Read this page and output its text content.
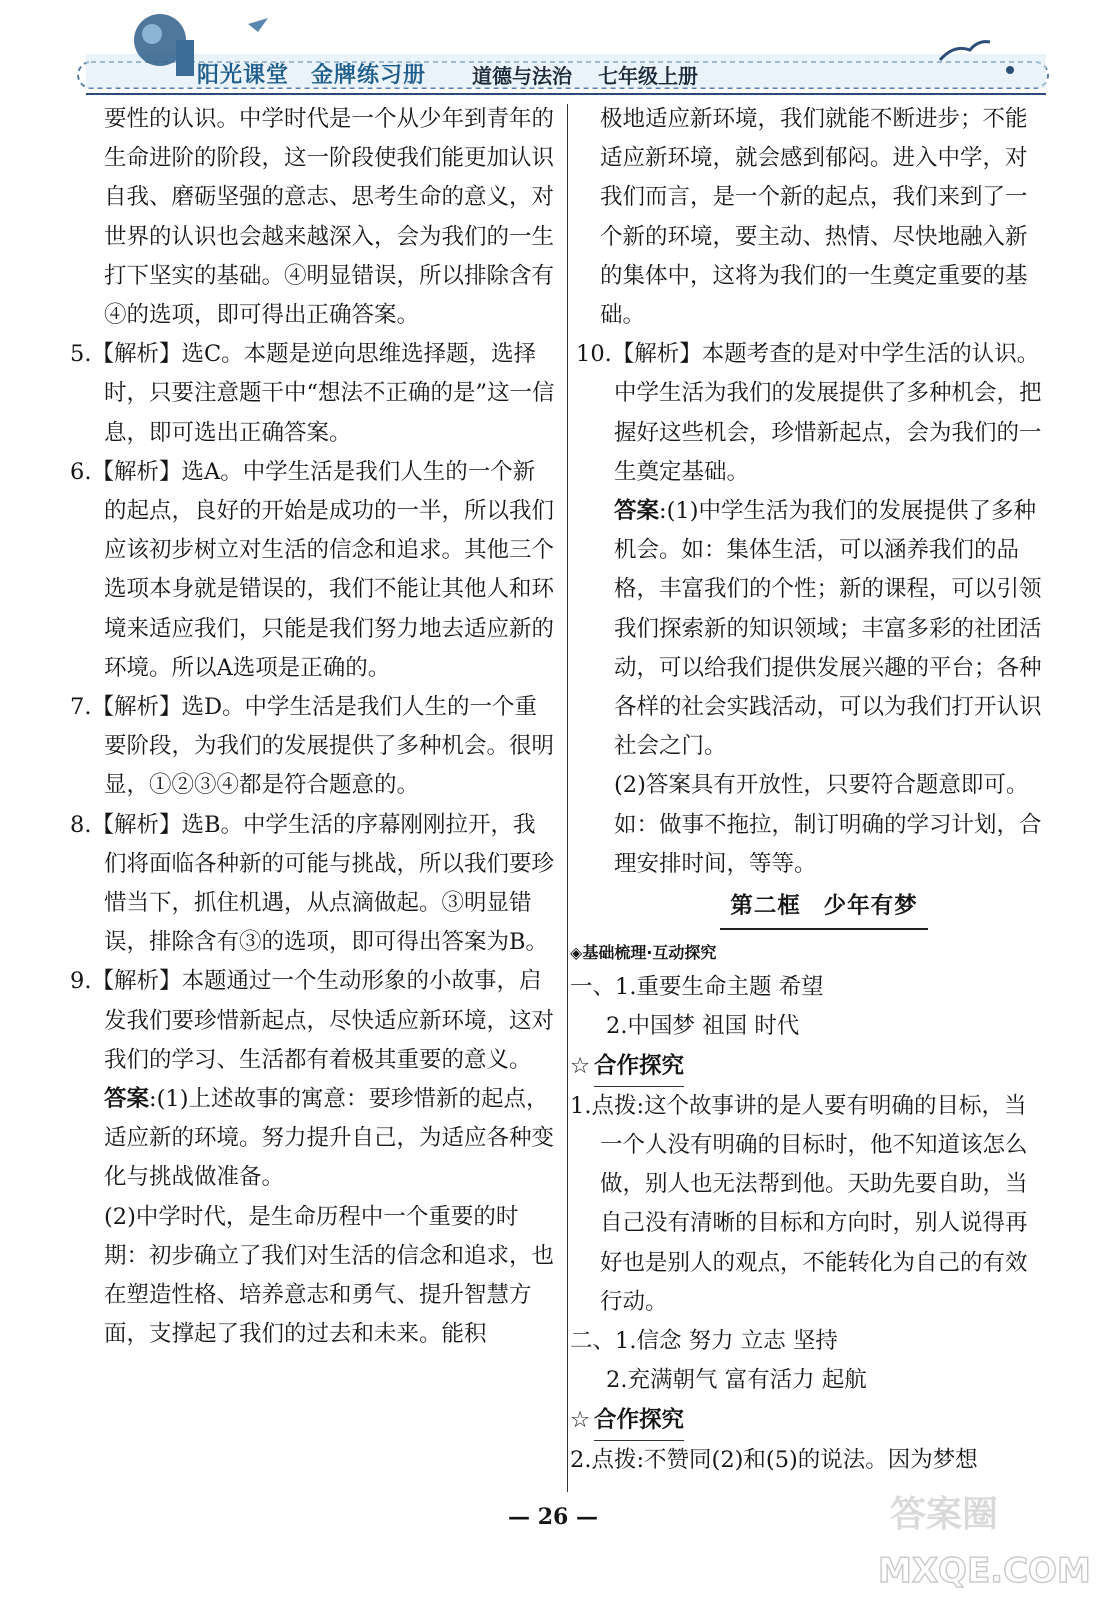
阳光课堂 金牌练习册	道德与法治 七年级上册

要性的认识。中学时代是一个从少年到青年的生命进阶的阶段，这一阶段使我们能更加认识自我、磨砺坚强的意志、思考生命的意义，对世界的认识也会越来越深入，会为我们的一生打下坚实的基础。④明显错误，所以排除含有④的选项，即可得出正确答案。

5.【解析】选C。本题是逆向思维选择题，选择时，只要注意题干中“想法不正确的是”这一信息，即可选出正确答案。

6.【解析】选A。中学生活是我们人生的一个新的起点，良好的开始是成功的一半，所以我们应该初步树立对生活的信念和追求。其他三个选项本身就是错误的，我们不能让其他人和环境来适应我们，只能是我们努力地去适应新的环境。所以A选项是正确的。

7.【解析】选D。中学生活是我们人生的一个重要阶段，为我们的发展提供了多种机会。很明显，①②③④都是符合题意的。

8.【解析】选B。中学生活的序幕刚刚拉开，我们将面临各种新的可能与挑战，所以我们要珍惜当下，抓住机遇，从点滴做起。③明显错误，排除含有③的选项，即可得出答案为B。

9.【解析】本题通过一个生动形象的小故事，启发我们要珍惜新起点，尽快适应新环境，这对我们的学习、生活都有着极其重要的意义。

答案:(1)上述故事的寓意：要珍惜新的起点，适应新的环境。努力提升自己，为适应各种变化与挑战做准备。

(2)中学时代，是生命历程中一个重要的时期：初步确立了我们对生活的信念和追求，也在塑造性格、培养意志和勇气、提升智慧方面，支撑起了我们的过去和未来。能积

极地适应新环境，我们就能不断进步；不能适应新环境，就会感到郁闷。进入中学，对我们而言，是一个新的起点，我们来到了一个新的环境，要主动、热情、尽快地融入新的集体中，这将为我们的一生奠定重要的基础。

10.【解析】本题考查的是对中学生活的认识。中学生活为我们的发展提供了多种机会，把握好这些机会，珍惜新起点，会为我们的一生奠定基础。

答案:(1)中学生活为我们的发展提供了多种机会。如：集体生活，可以涵养我们的品格，丰富我们的个性；新的课程，可以引领我们探索新的知识领域；丰富多彩的社团活动，可以给我们提供发展兴趣的平台；各种各样的社会实践活动，可以为我们打开认识社会之门。

(2)答案具有开放性，只要符合题意即可。如：做事不拖拉，制订明确的学习计划，合理安排时间，等等。

第二框 少年有梦
◈基础梳理·互动探究

一、1.重要生命主题 希望

2.中国梦 祖国 时代

☆ 合作探究

1.点拨:这个故事讲的是人要有明确的目标，当一个人没有明确的目标时，他不知道该怎么做，别人也无法帮到他。天助先要自助，当自己没有清晰的目标和方向时，别人说得再好也是别人的观点，不能转化为自己的有效行动。

二、1.信念 努力 立志 坚持

2.充满朝气 富有活力 起航

☆ 合作探究

2.点拨:不赞同(2)和(5)的说法。因为梦想

— 26 —	答案圈
MXQE.COM
